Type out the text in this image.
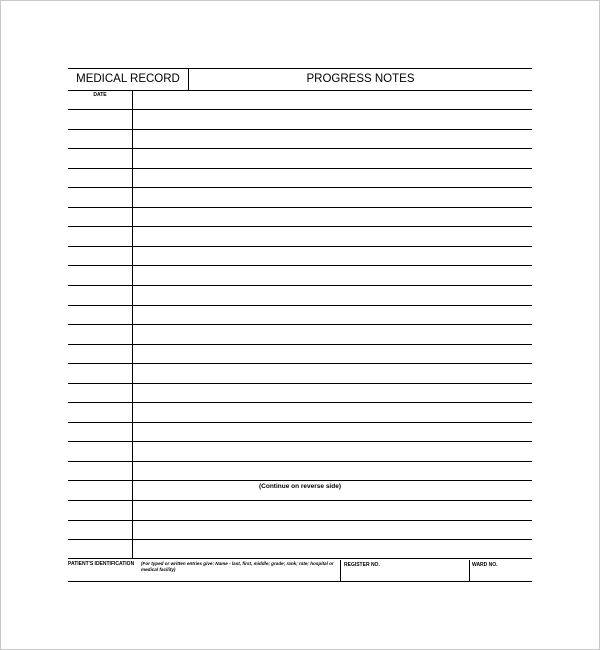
MEDICAL RECORD	PROGRESS NOTES
DATE
(Continue on reverse side)
PATIENT'S IDENTIFICATION (For typed or written entries give: Name - last, first, middle; grade; rank; rate; hospital or medical facility)
REGISTER NO.	WARD NO.
